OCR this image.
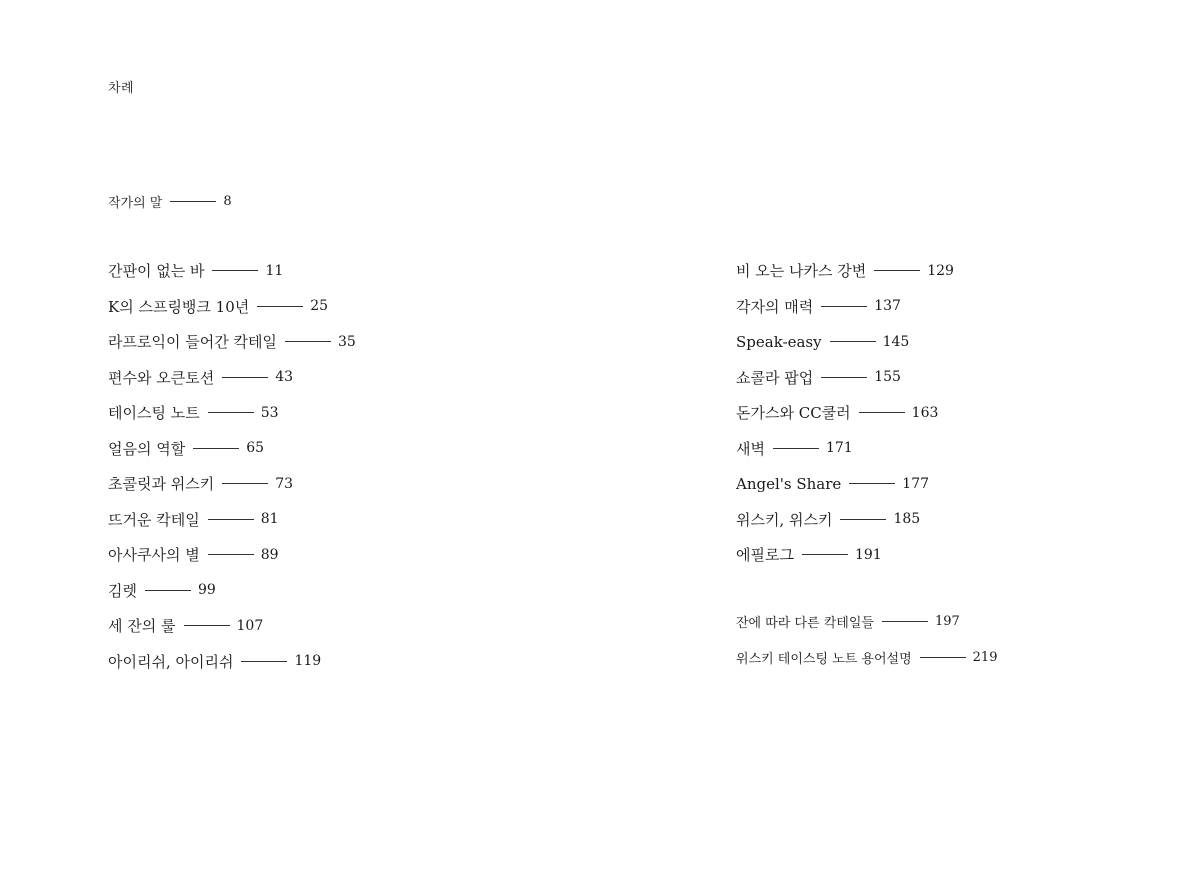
차례
작가의 말	8
간판이 없는 바	11
K의 스프링뱅크 10년	25
라프로익이 들어간 칵테일	35
편수와 오큰토션	43
테이스팅 노트	53
얼음의 역할	65
초콜릿과 위스키	73
뜨거운 칵테일	81
아사쿠사의 별	89
김렛	99
세 잔의 룰	107
아이리쉬, 아이리쉬	119
비 오는 나카스 강변	129
각자의 매력	137
Speak-easy	145
쇼콜라 팝업	155
돈가스와 CC쿨러	163
새벽	171
Angel's Share	177
위스키, 위스키	185
에필로그	191
잔에 따라 다른 칵테일들	197
위스키 테이스팅 노트 용어설명	219
